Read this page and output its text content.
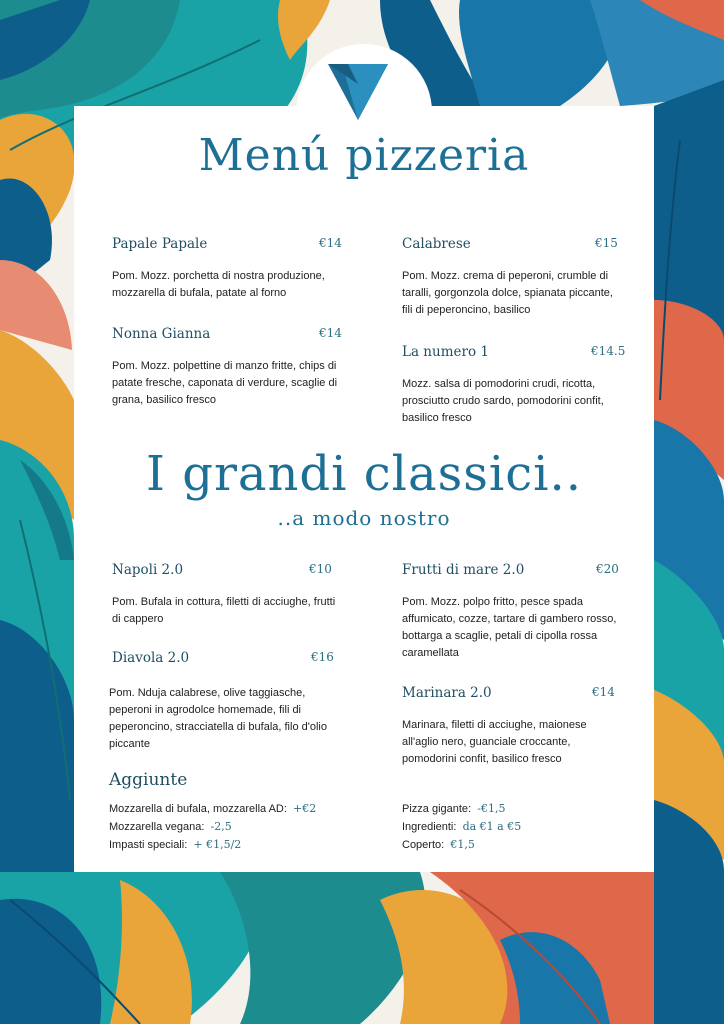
Menú pizzeria
Papale Papale	€14

Pom. Mozz. porchetta di nostra produzione, mozzarella di bufala, patate al forno

Nonna Gianna	€14

Pom. Mozz. polpettine di manzo fritte, chips di patate fresche, caponata di verdure, scaglie di grana, basilico fresco

Calabrese	€15

Pom. Mozz. crema di peperoni, crumble di taralli, gorgonzola dolce, spianata piccante, fili di peperoncino, basilico

La numero 1	€14.5

Mozz. salsa di pomodorini crudi, ricotta, prosciutto crudo sardo, pomodorini confit, basilico fresco

I grandi classici..
..a modo nostro
Napoli 2.0	€10

Pom. Bufala in cottura, filetti di acciughe, frutti di cappero

Diavola 2.0	€16

Pom. Nduja calabrese, olive taggiasche, peperoni in agrodolce homemade, fili di peperoncino, stracciatella di bufala, filo d'olio piccante

Frutti di mare 2.0	€20

Pom. Mozz. polpo fritto, pesce spada affumicato, cozze, tartare di gambero rosso, bottarga a scaglie, petali di cipolla rossa caramellata

Marinara 2.0	€14

Marinara, filetti di acciughe, maionese all'aglio nero, guanciale croccante, pomodorini confit, basilico fresco

Aggiunte
Mozzarella di bufala, mozzarella AD: +€2
Mozzarella vegana: -2,5
Impasti speciali: + €1,5/2
Pizza gigante: -€1,5
Ingredienti: da €1 a €5
Coperto: €1,5
